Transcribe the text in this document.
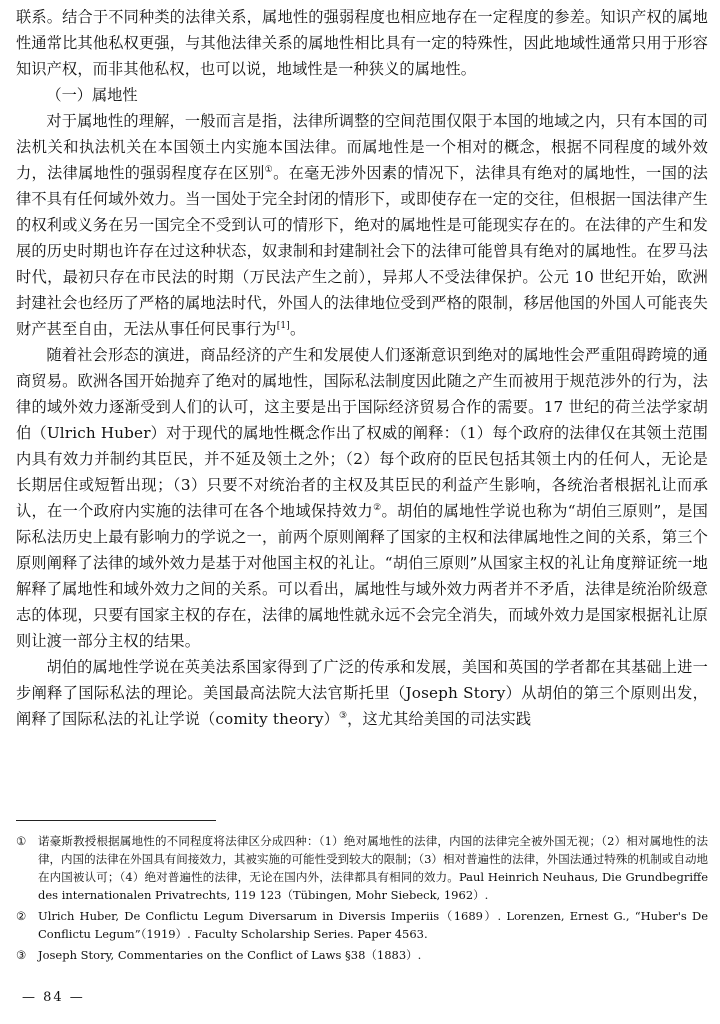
联系。结合于不同种类的法律关系，属地性的强弱程度也相应地存在一定程度的参差。知识产权的属地性通常比其他私权更强，与其他法律关系的属地性相比具有一定的特殊性，因此地域性通常只用于形容知识产权，而非其他私权，也可以说，地域性是一种狭义的属地性。

（一）属地性

对于属地性的理解，一般而言是指，法律所调整的空间范围仅限于本国的地域之内，只有本国的司法机关和执法机关在本国领土内实施本国法律。而属地性是一个相对的概念，根据不同程度的域外效力，法律属地性的强弱程度存在区别①。在毫无涉外因素的情况下，法律具有绝对的属地性，一国的法律不具有任何域外效力。当一国处于完全封闭的情形下，或即使存在一定的交往，但根据一国法律产生的权利或义务在另一国完全不受到认可的情形下，绝对的属地性是可能现实存在的。在法律的产生和发展的历史时期也许存在过这种状态，奴隶制和封建制社会下的法律可能曾具有绝对的属地性。在罗马法时代，最初只存在市民法的时期（万民法产生之前），异邦人不受法律保护。公元 10 世纪开始，欧洲封建社会也经历了严格的属地法时代，外国人的法律地位受到严格的限制，移居他国的外国人可能丧失财产甚至自由，无法从事任何民事行为[1]。

随着社会形态的演进，商品经济的产生和发展使人们逐渐意识到绝对的属地性会严重阻碍跨境的通商贸易。欧洲各国开始抛弃了绝对的属地性，国际私法制度因此随之产生而被用于规范涉外的行为，法律的域外效力逐渐受到人们的认可，这主要是出于国际经济贸易合作的需要。17 世纪的荷兰法学家胡伯（Ulrich Huber）对于现代的属地性概念作出了权威的阐释：（1）每个政府的法律仅在其领土范围内具有效力并制约其臣民，并不延及领土之外；（2）每个政府的臣民包括其领土内的任何人，无论是长期居住或短暂出现；（3）只要不对统治者的主权及其臣民的利益产生影响，各统治者根据礼让而承认，在一个政府内实施的法律可在各个地域保持效力②。胡伯的属地性学说也称为“胡伯三原则”，是国际私法历史上最有影响力的学说之一，前两个原则阐释了国家的主权和法律属地性之间的关系，第三个原则阐释了法律的域外效力是基于对他国主权的礼让。“胡伯三原则”从国家主权的礼让角度辩证统一地解释了属地性和域外效力之间的关系。可以看出，属地性与域外效力两者并不矛盾，法律是统治阶级意志的体现，只要有国家主权的存在，法律的属地性就永远不会完全消失，而域外效力是国家根据礼让原则让渡一部分主权的结果。

胡伯的属地性学说在英美法系国家得到了广泛的传承和发展，美国和英国的学者都在其基础上进一步阐释了国际私法的理论。美国最高法院大法官斯托里（Joseph Story）从胡伯的第三个原则出发，阐释了国际私法的礼让学说（comity theory）③，这尤其给美国的司法实践

① 诺豪斯教授根据属地性的不同程度将法律区分成四种：（1）绝对属地性的法律，内国的法律完全被外国无视；（2）相对属地性的法律，内国的法律在外国具有间接效力，其被实施的可能性受到较大的限制；（3）相对普遍性的法律，外国法通过特殊的机制或自动地在内国被认可；（4）绝对普遍性的法律，无论在国内外，法律都具有相同的效力。Paul Heinrich Neuhaus, Die Grundbegriffe des internationalen Privatrechts, 119 123（Tübingen, Mohr Siebeck, 1962）.
② Ulrich Huber, De Conflictu Legum Diversarum in Diversis Imperiis（1689）. Lorenzen, Ernest G., “Huber's De Conflictu Legum”（1919）. Faculty Scholarship Series. Paper 4563.
③ Joseph Story, Commentaries on the Conflict of Laws §38（1883）.
— 84 —
